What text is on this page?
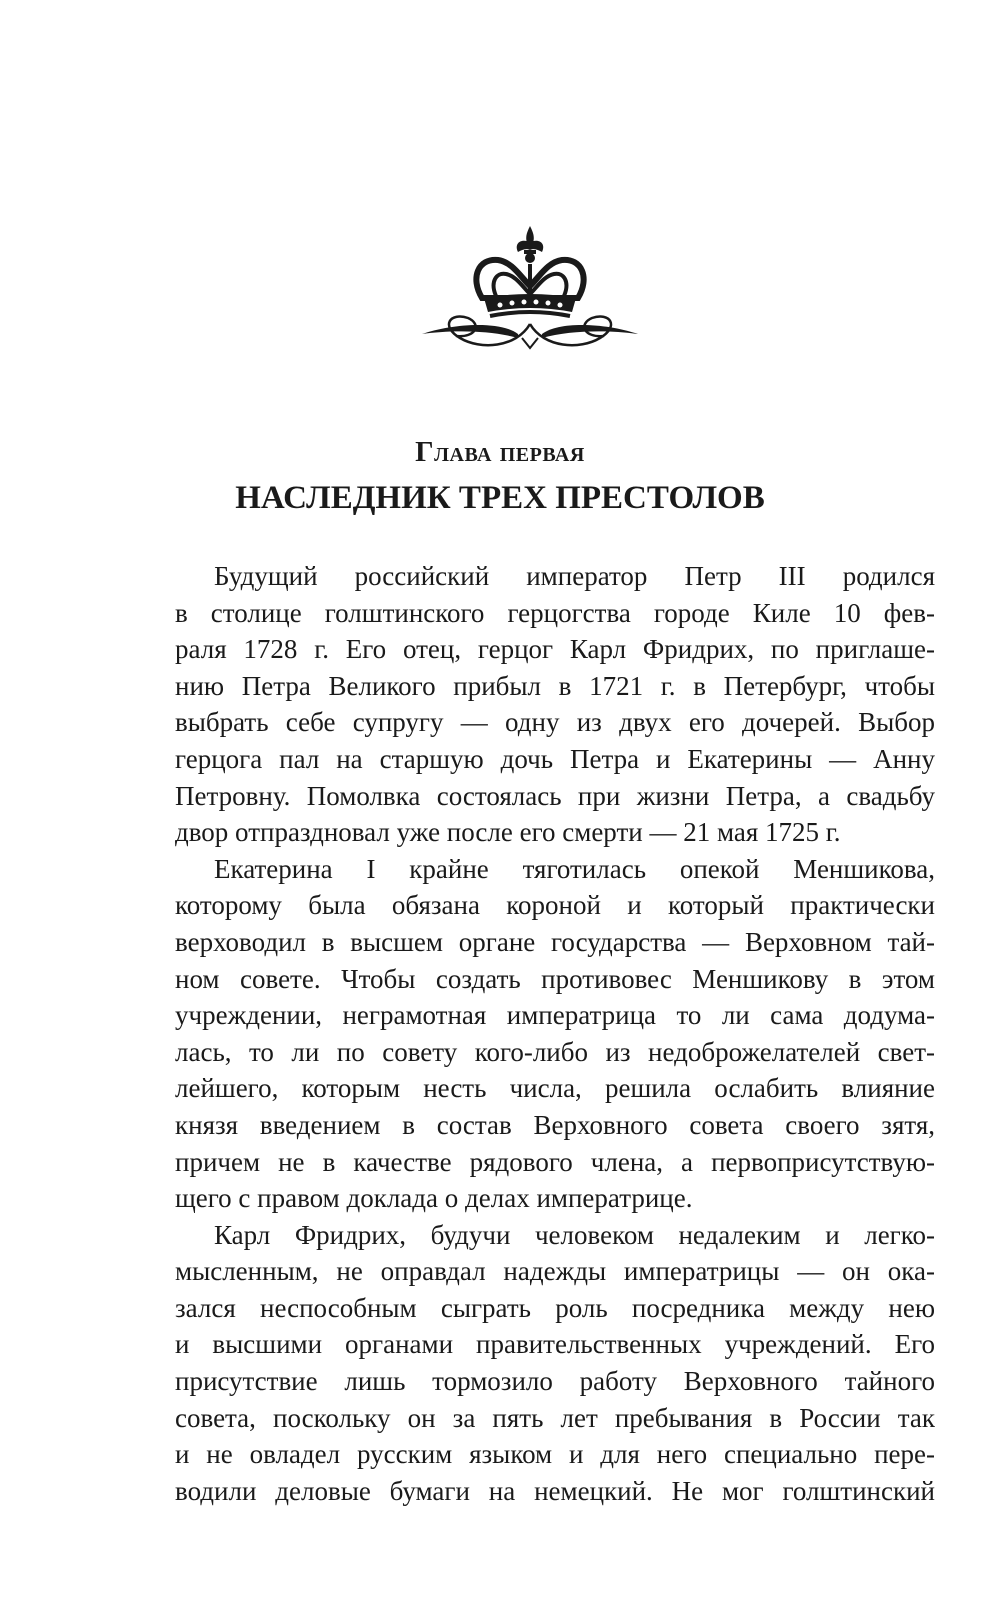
Глава первая
НАСЛЕДНИК ТРЕХ ПРЕСТОЛОВ
Будущий российский император Петр III родился
в столице голштинского герцогства городе Киле 10 фев-
раля 1728 г. Его отец, герцог Карл Фридрих, по приглаше-
нию Петра Великого прибыл в 1721 г. в Петербург, чтобы
выбрать себе супругу — одну из двух его дочерей. Выбор
герцога пал на старшую дочь Петра и Екатерины — Анну
Петровну. Помолвка состоялась при жизни Петра, а свадьбу
двор отпраздновал уже после его смерти — 21 мая 1725 г.
Екатерина I крайне тяготилась опекой Меншикова,
которому была обязана короной и который практически
верховодил в высшем органе государства — Верховном тай-
ном совете. Чтобы создать противовес Меншикову в этом
учреждении, неграмотная императрица то ли сама додума-
лась, то ли по совету кого-либо из недоброжелателей свет-
лейшего, которым несть числа, решила ослабить влияние
князя введением в состав Верховного совета своего зятя,
причем не в качестве рядового члена, а первоприсутствую-
щего с правом доклада о делах императрице.
Карл Фридрих, будучи человеком недалеким и легко-
мысленным, не оправдал надежды императрицы — он ока-
зался неспособным сыграть роль посредника между нею
и высшими органами правительственных учреждений. Его
присутствие лишь тормозило работу Верховного тайного
совета, поскольку он за пять лет пребывания в России так
и не овладел русским языком и для него специально пере-
водили деловые бумаги на немецкий. Не мог голштинский
